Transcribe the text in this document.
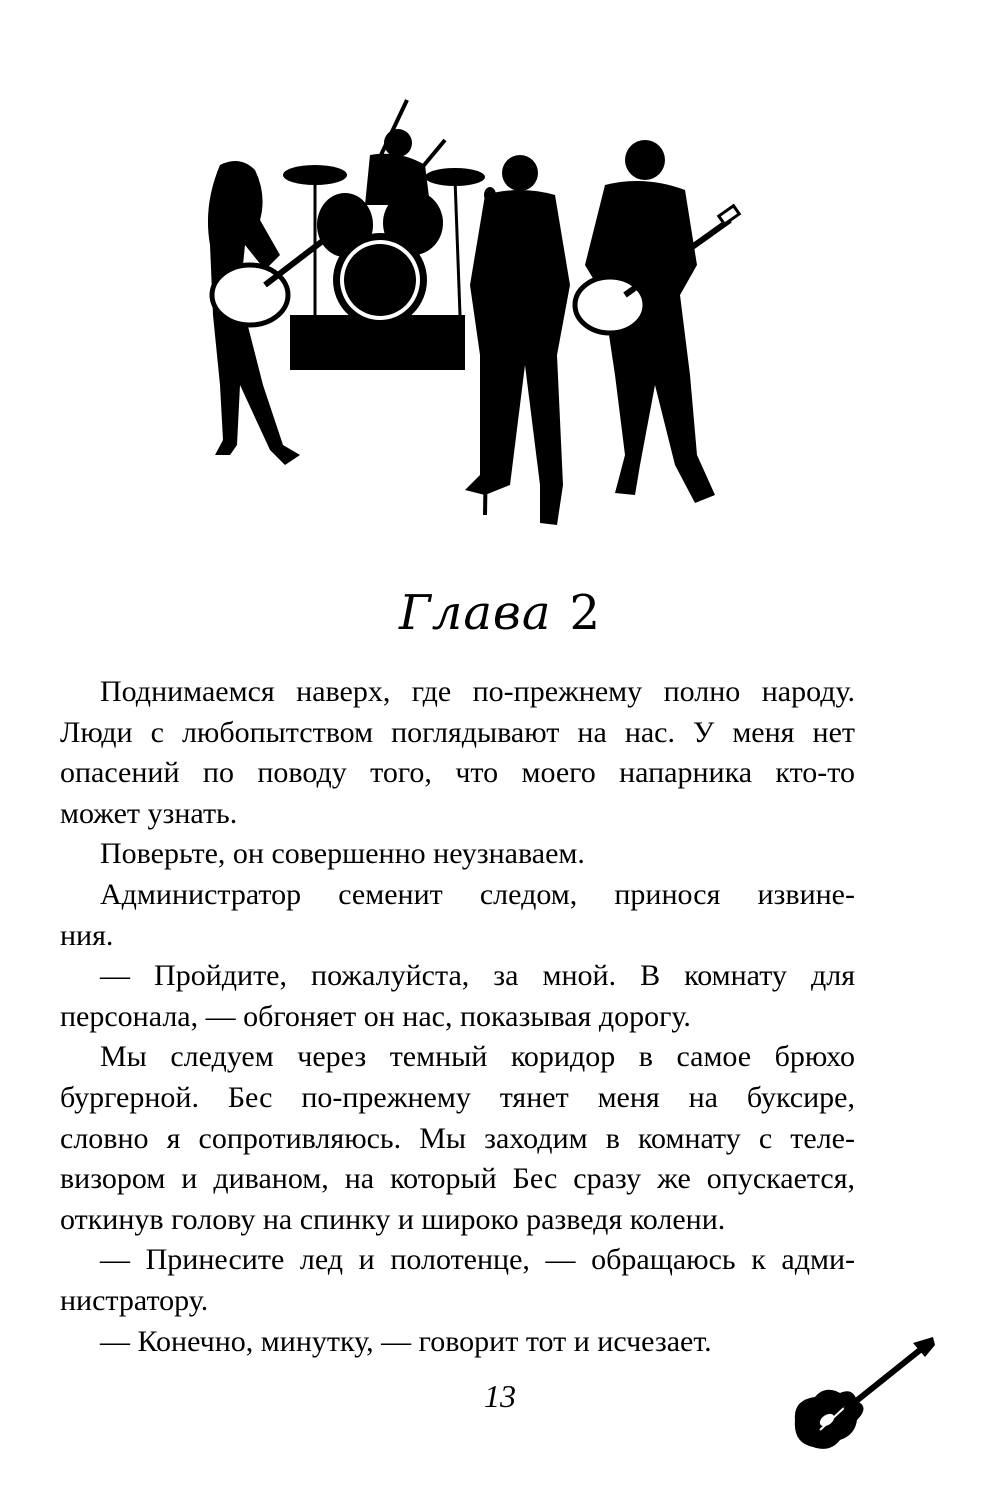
Глава 2
Поднимаемся наверх, где по-прежнему полно народу.
Люди с любопытством поглядывают на нас. У меня нет
опасений по поводу того, что моего напарника кто-то
может узнать.
Поверьте, он совершенно неузнаваем.
Администратор семенит следом, принося извине-
ния.
— Пройдите, пожалуйста, за мной. В комнату для
персонала, — обгоняет он нас, показывая дорогу.
Мы следуем через темный коридор в самое брюхо
бургерной. Бес по-прежнему тянет меня на буксире,
словно я сопротивляюсь. Мы заходим в комнату с теле-
визором и диваном, на который Бес сразу же опускается,
откинув голову на спинку и широко разведя колени.
— Принесите лед и полотенце, — обращаюсь к адми-
нистратору.
— Конечно, минутку, — говорит тот и исчезает.
13
